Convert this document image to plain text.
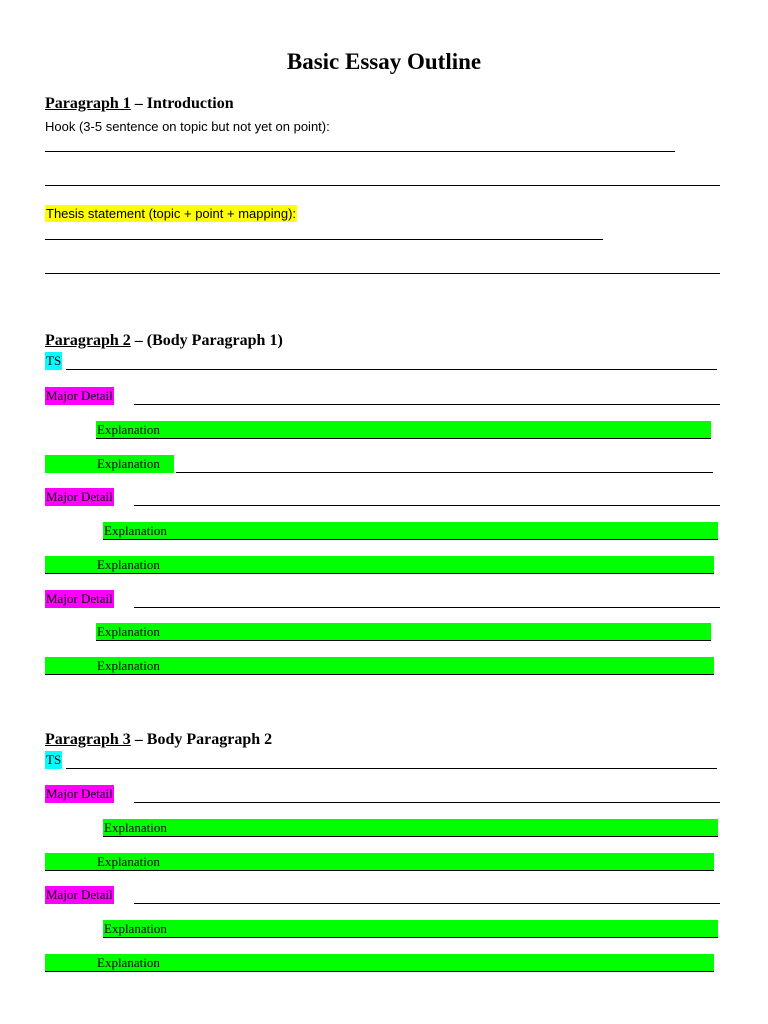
Basic Essay Outline
Paragraph 1 – Introduction
Hook (3-5 sentence on topic but not yet on point):
Thesis statement (topic + point + mapping):
Paragraph 2 – (Body Paragraph 1)
TS
Major Detail
Explanation
Explanation
Major Detail
Explanation
Explanation
Major Detail
Explanation
Explanation
Paragraph 3 – Body Paragraph 2
TS
Major Detail
Explanation
Explanation
Major Detail
Explanation
Explanation
